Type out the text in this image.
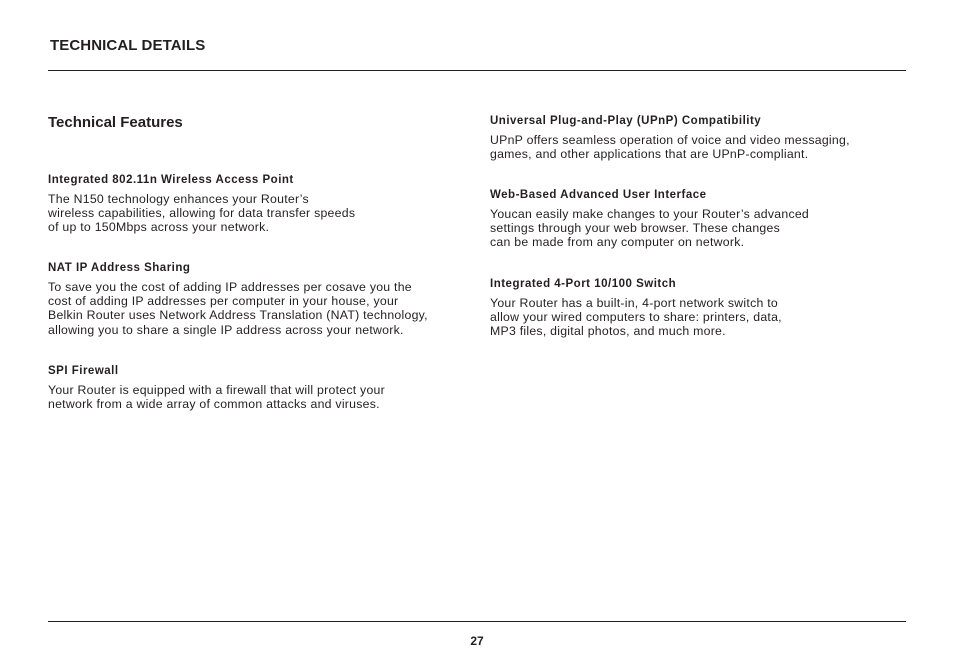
TECHNICAL DETAILS
Technical Features
Integrated 802.11n Wireless Access Point
The N150 technology enhances your Router’s
wireless capabilities, allowing for data transfer speeds
of up to 150Mbps across your network.
NAT IP Address Sharing
To save you the cost of adding IP addresses per cosave you the
cost of adding IP addresses per computer in your house, your
Belkin Router uses Network Address Translation (NAT) technology,
allowing you to share a single IP address across your network.
SPI Firewall
Your Router is equipped with a firewall that will protect your
network from a wide array of common attacks and viruses.
Universal Plug-and-Play (UPnP) Compatibility
UPnP offers seamless operation of voice and video messaging,
games, and other applications that are UPnP-compliant.
Web-Based Advanced User Interface
Youcan easily make changes to your Router’s advanced
settings through your web browser. These changes
can be made from any computer on network.
Integrated 4-Port 10/100 Switch
Your Router has a built-in, 4-port network switch to
allow your wired computers to share: printers, data,
MP3 files, digital photos, and much more.
27
